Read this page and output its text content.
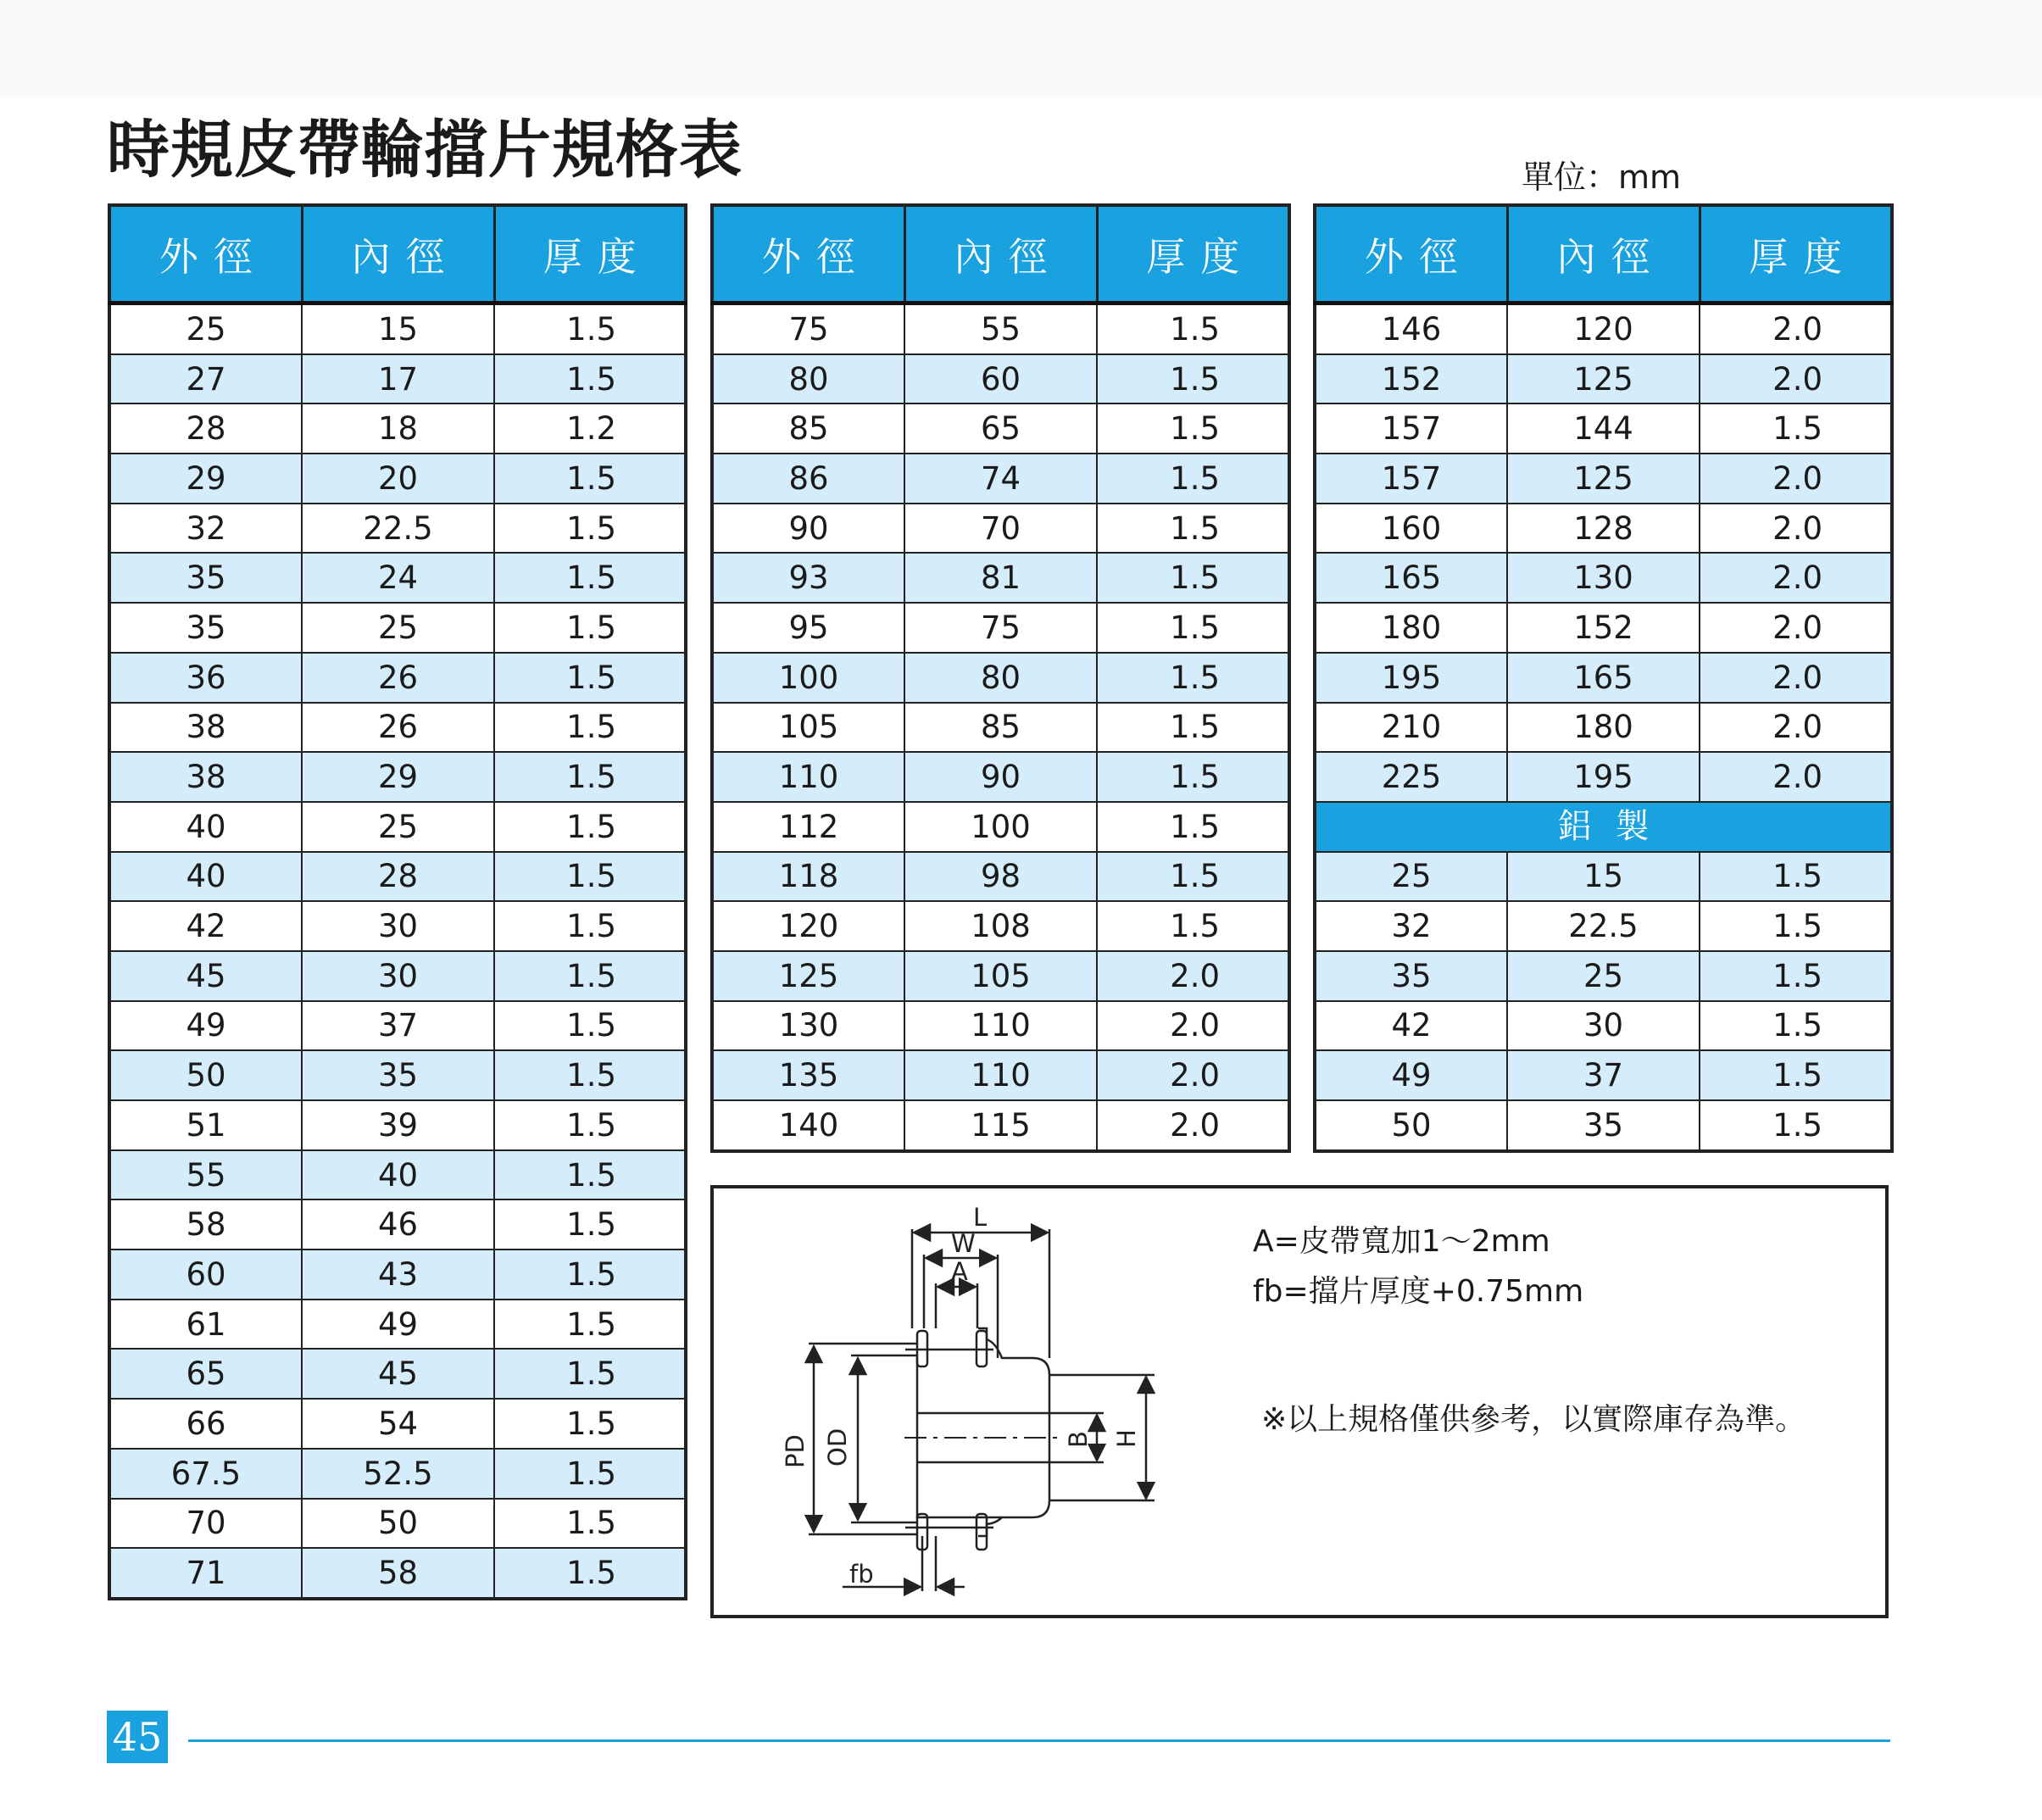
時規皮帶輪擋片規格表	單位：mm
外徑	內徑	厚度
25	15	1.5
27	17	1.5
28	18	1.2
29	20	1.5
32	22.5	1.5
35	24	1.5
35	25	1.5
36	26	1.5
38	26	1.5
38	29	1.5
40	25	1.5
40	28	1.5
42	30	1.5
45	30	1.5
49	37	1.5
50	35	1.5
51	39	1.5
55	40	1.5
58	46	1.5
60	43	1.5
61	49	1.5
65	45	1.5
66	54	1.5
67.5	52.5	1.5
70	50	1.5
71	58	1.5
外徑	內徑	厚度
75	55	1.5
80	60	1.5
85	65	1.5
86	74	1.5
90	70	1.5
93	81	1.5
95	75	1.5
100	80	1.5
105	85	1.5
110	90	1.5
112	100	1.5
118	98	1.5
120	108	1.5
125	105	2.0
130	110	2.0
135	110	2.0
140	115	2.0
外徑	內徑	厚度
146	120	2.0
152	125	2.0
157	144	1.5
157	125	2.0
160	128	2.0
165	130	2.0
180	152	2.0
195	165	2.0
210	180	2.0
225	195	2.0
鋁製		
25	15	1.5
32	22.5	1.5
35	25	1.5
42	30	1.5
49	37	1.5
50	35	1.5
L
W
A
PD OD	B H
fb
A=皮帶寬加1～2mm
fb=擋片厚度+0.75mm
※以上規格僅供參考，以實際庫存為準。
45
